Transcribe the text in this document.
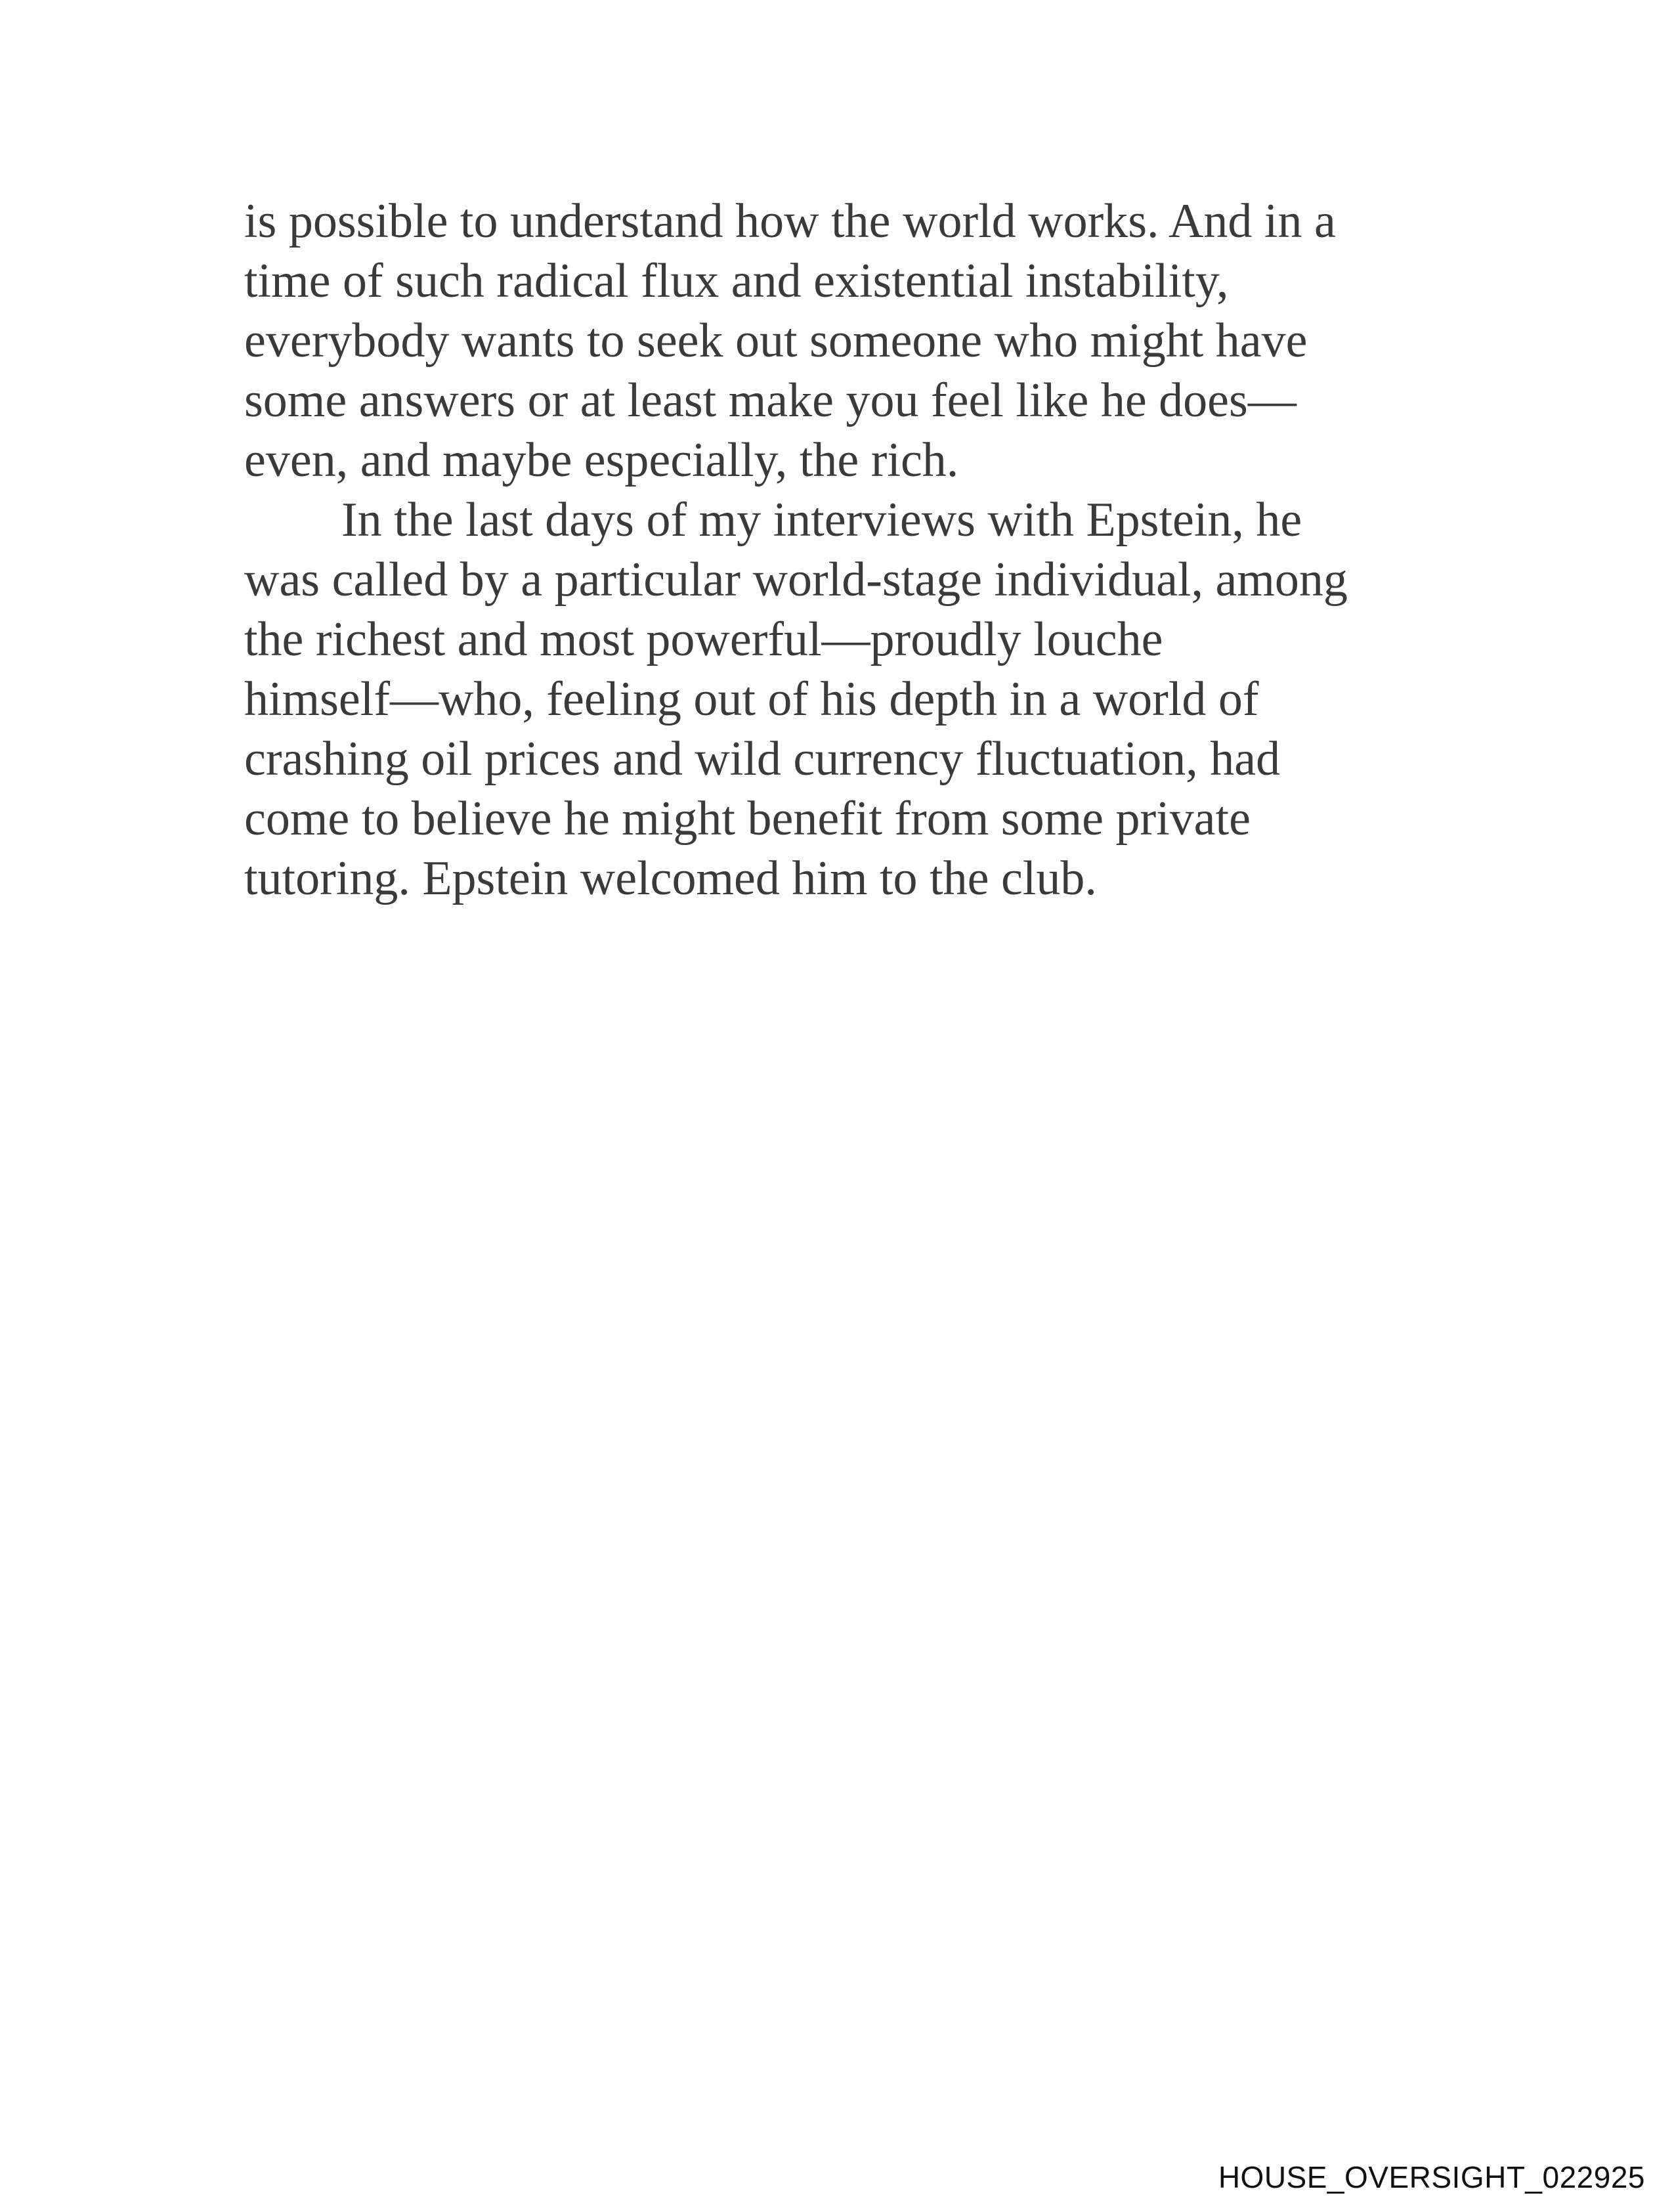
is possible to understand how the world works. And in a
time of such radical flux and existential instability,
everybody wants to seek out someone who might have
some answers or at least make you feel like he does—
even, and maybe especially, the rich.
In the last days of my interviews with Epstein, he
was called by a particular world-stage individual, among
the richest and most powerful—proudly louche
himself—who, feeling out of his depth in a world of
crashing oil prices and wild currency fluctuation, had
come to believe he might benefit from some private
tutoring. Epstein welcomed him to the club.
HOUSE_OVERSIGHT_022925
